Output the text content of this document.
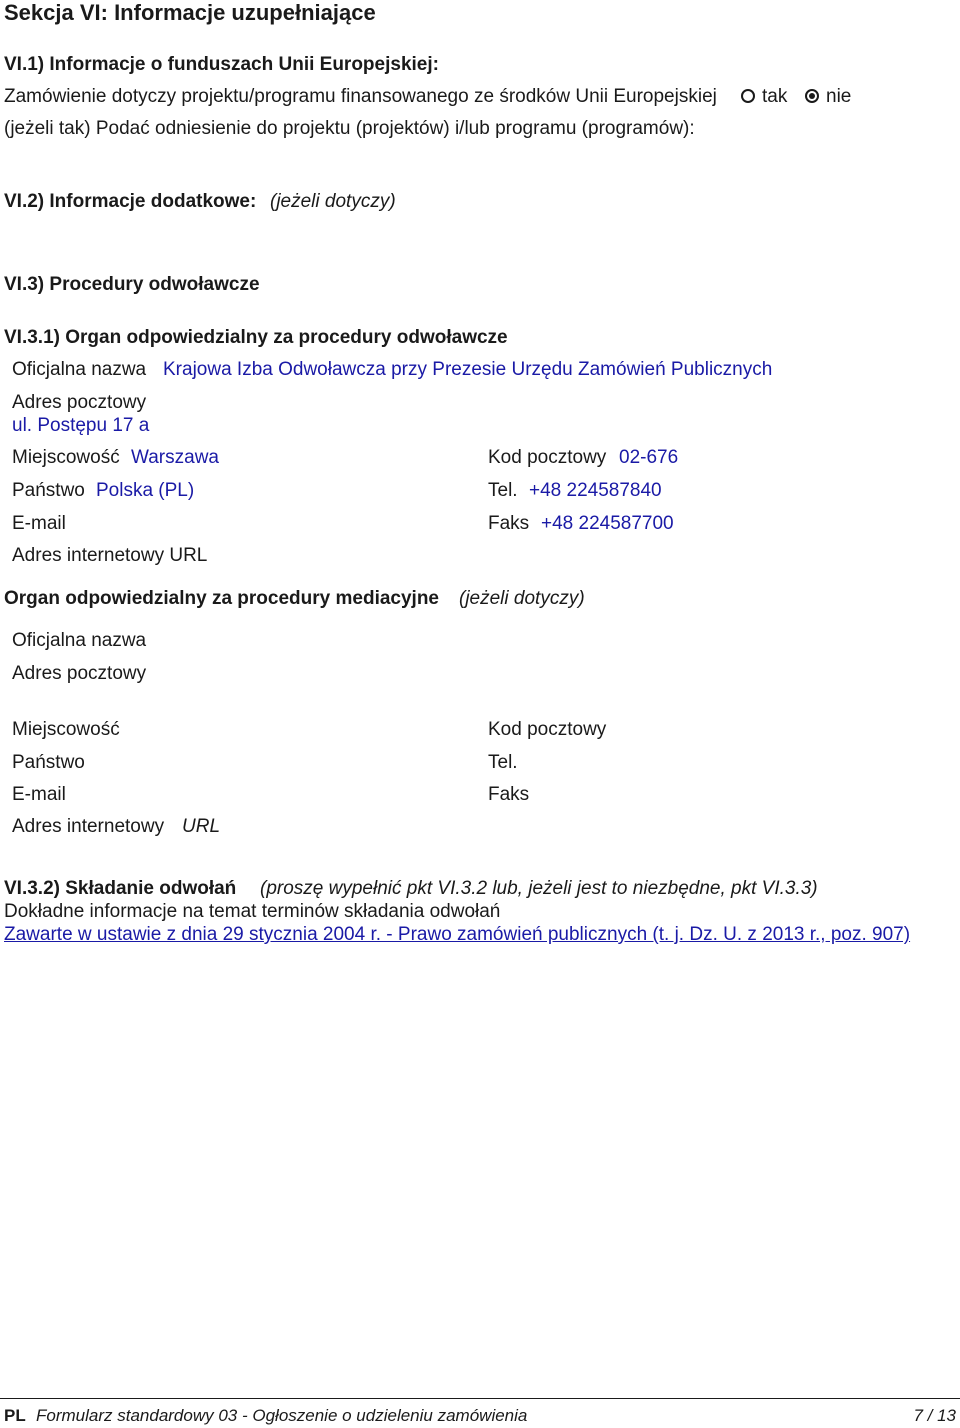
Sekcja VI: Informacje uzupełniające
VI.1) Informacje o funduszach Unii Europejskiej:
Zamówienie dotyczy projektu/programu finansowanego ze środków Unii Europejskiej tak nie
(jeżeli tak) Podać odniesienie do projektu (projektów) i/lub programu (programów):
VI.2) Informacje dodatkowe: (jeżeli dotyczy)
VI.3) Procedury odwoławcze
VI.3.1) Organ odpowiedzialny za procedury odwoławcze
Oficjalna nazwa Krajowa Izba Odwoławcza przy Prezesie Urzędu Zamówień Publicznych
Adres pocztowy
ul. Postępu 17 a
Miejscowość Warszawa	Kod pocztowy 02-676
Państwo Polska (PL)	Tel. +48 224587840
E-mail	Faks +48 224587700
Adres internetowy URL
Organ odpowiedzialny za procedury mediacyjne (jeżeli dotyczy)
Oficjalna nazwa
Adres pocztowy
Miejscowość	Kod pocztowy
Państwo	Tel.
E-mail	Faks
Adres internetowy URL
VI.3.2) Składanie odwołań (proszę wypełnić pkt VI.3.2 lub, jeżeli jest to niezbędne, pkt VI.3.3)
Dokładne informacje na temat terminów składania odwołań
Zawarte w ustawie z dnia 29 stycznia 2004 r. - Prawo zamówień publicznych (t. j. Dz. U. z 2013 r., poz. 907)
PL Formularz standardowy 03 - Ogłoszenie o udzieleniu zamówienia	7 / 13
